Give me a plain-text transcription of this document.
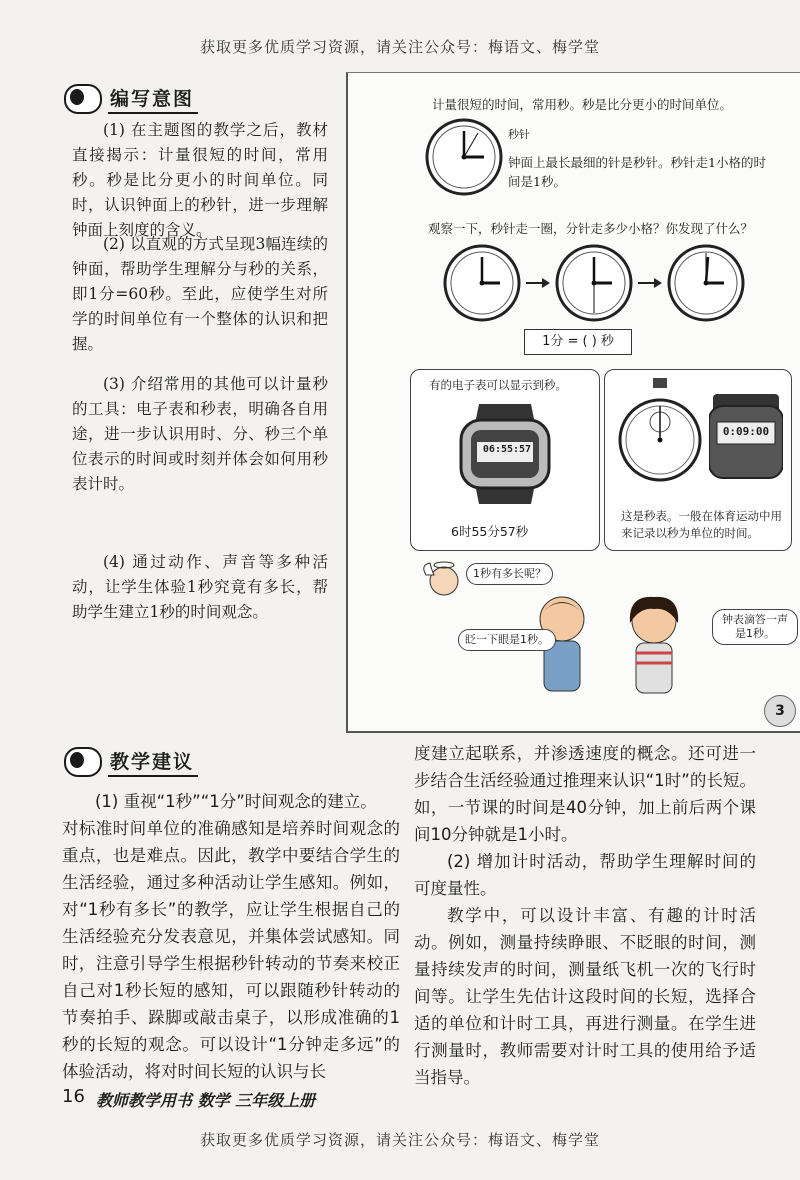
获取更多优质学习资源，请关注公众号：梅语文、梅学堂
获取更多优质学习资源，请关注公众号：梅语文、梅学堂
编写意图
(1) 在主题图的教学之后，教材直接揭示：计量很短的时间，常用秒。秒是比分更小的时间单位。同时，认识钟面上的秒针，进一步理解钟面上刻度的含义。
(2) 以直观的方式呈现3幅连续的钟面，帮助学生理解分与秒的关系，即1分=60秒。至此，应使学生对所学的时间单位有一个整体的认识和把握。
(3) 介绍常用的其他可以计量秒的工具：电子表和秒表，明确各自用途，进一步认识用时、分、秒三个单位表示的时间或时刻并体会如何用秒表计时。
(4) 通过动作、声音等多种活动，让学生体验1秒究竟有多长，帮助学生建立1秒的时间观念。
计量很短的时间，常用秒。秒是比分更小的时间单位。
秒针
钟面上最长最细的针是秒针。秒针走1小格的时间是1秒。
观察一下，秒针走一圈，分针走多少小格？你发现了什么？
1分 = ( ) 秒
有的电子表可以显示到秒。
06:55:57
6时55分57秒
0:09:00
这是秒表。一般在体育运动中用来记录以秒为单位的时间。
1秒有多长呢？
眨一下眼是1秒。
钟表滴答一声是1秒。
3
教学建议
(1) 重视“1秒”“1分”时间观念的建立。
对标准时间单位的准确感知是培养时间观念的重点，也是难点。因此，教学中要结合学生的生活经验，通过多种活动让学生感知。例如，对“1秒有多长”的教学，应让学生根据自己的生活经验充分发表意见，并集体尝试感知。同时，注意引导学生根据秒针转动的节奏来校正自己对1秒长短的感知，可以跟随秒针转动的节奏拍手、跺脚或敲击桌子，以形成准确的1秒的长短的观念。可以设计“1分钟走多远”的体验活动，将对时间长短的认识与长
度建立起联系，并渗透速度的概念。还可进一步结合生活经验通过推理来认识“1时”的长短。如，一节课的时间是40分钟，加上前后两个课间10分钟就是1小时。
(2) 增加计时活动，帮助学生理解时间的可度量性。
教学中，可以设计丰富、有趣的计时活动。例如，测量持续睁眼、不眨眼的时间，测量持续发声的时间，测量纸飞机一次的飞行时间等。让学生先估计这段时间的长短，选择合适的单位和计时工具，再进行测量。在学生进行测量时，教师需要对计时工具的使用给予适当指导。
16 教师教学用书 数学 三年级上册
